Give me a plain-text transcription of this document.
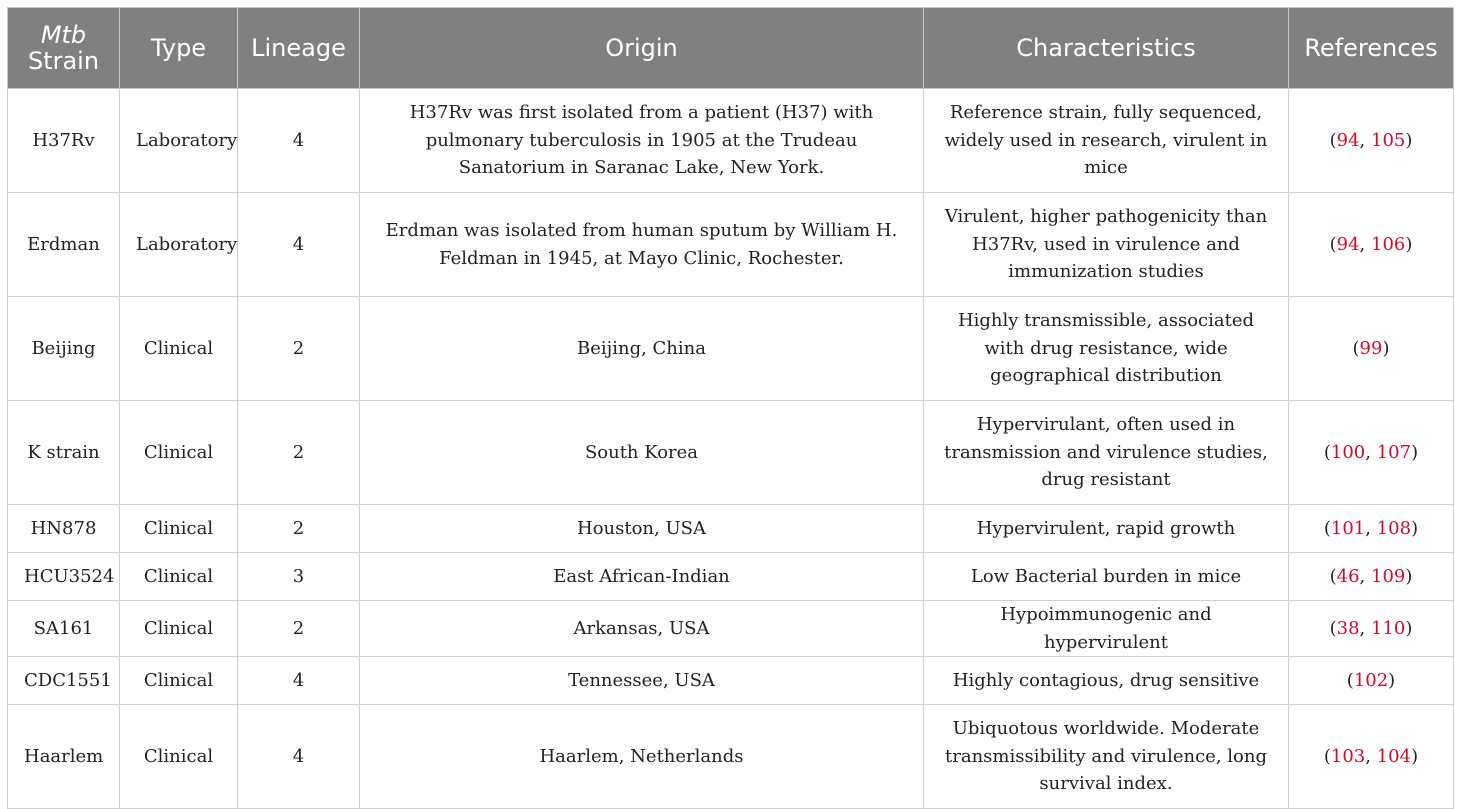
Mtb
Strain	Type	Lineage	Origin	Characteristics	References
H37Rv	Laboratory	4	H37Rv was first isolated from a patient (H37) with pulmonary tuberculosis in 1905 at the Trudeau Sanatorium in Saranac Lake, New York.	Reference strain, fully sequenced, widely used in research, virulent in mice	(94, 105)
Erdman	Laboratory	4	Erdman was isolated from human sputum by William H. Feldman in 1945, at Mayo Clinic, Rochester.	Virulent, higher pathogenicity than H37Rv, used in virulence and immunization studies	(94, 106)
Beijing	Clinical	2	Beijing, China	Highly transmissible, associated with drug resistance, wide geographical distribution	(99)
K strain	Clinical	2	South Korea	Hypervirulant, often used in transmission and virulence studies, drug resistant	(100, 107)
HN878	Clinical	2	Houston, USA	Hypervirulent, rapid growth	(101, 108)
HCU3524	Clinical	3	East African-Indian	Low Bacterial burden in mice	(46, 109)
SA161	Clinical	2	Arkansas, USA	Hypoimmunogenic and hypervirulent	(38, 110)
CDC1551	Clinical	4	Tennessee, USA	Highly contagious, drug sensitive	(102)
Haarlem	Clinical	4	Haarlem, Netherlands	Ubiquotous worldwide. Moderate transmissibility and virulence, long survival index.	(103, 104)
